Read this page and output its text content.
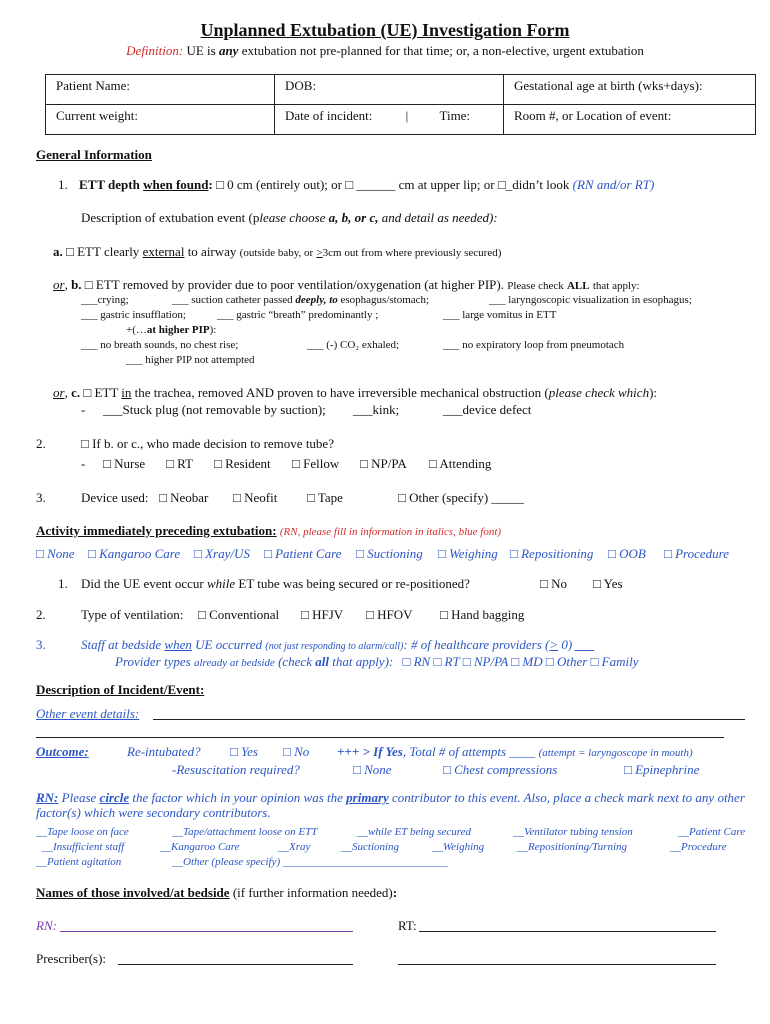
Unplanned Extubation (UE) Investigation Form
Definition: UE is any extubation not pre-planned for that time; or, a non-elective, urgent extubation
Patient Name:	DOB:	Gestational age at birth (wks+days):
Current weight:	Date of incident: | Time:	Room #, or Location of event:
General Information
1. ETT depth when found: □ 0 cm (entirely out); or □ ______ cm at upper lip; or □_didn’t look (RN and/or RT)
Description of extubation event (please choose a, b, or c, and detail as needed):
a. □ ETT clearly external to airway (outside baby, or >3cm out from where previously secured)
or, b. □ ETT removed by provider due to poor ventilation/oxygenation (at higher PIP). Please check ALL that apply:
___crying;	___ suction catheter passed deeply, to esophagus/stomach;	___ laryngoscopic visualization in esophagus;
___ gastric insufflation;	___ gastric “breath” predominantly ;	___ large vomitus in ETT
+(…at higher PIP):
___ no breath sounds, no chest rise;	___ (-) CO₂ exhaled;	___ no expiratory loop from pneumotach
___ higher PIP not attempted
or, c. □ ETT in the trachea, removed AND proven to have irreversible mechanical obstruction (please check which):
- ___Stuck plug (not removable by suction); ___kink;	___device defect
2.	□ If b. or c., who made decision to remove tube?
- □ Nurse □ RT □ Resident □ Fellow □ NP/PA □ Attending
3.	Device used: □ Neobar □ Neofit □ Tape	□ Other (specify) _____
Activity immediately preceding extubation: (RN, please fill in information in italics, blue font)
□ None □ Kangaroo Care □ Xray/US □ Patient Care □ Suctioning □ Weighing □ Repositioning □ OOB □ Procedure
1. Did the UE event occur while ET tube was being secured or re-positioned?	□ No □ Yes
2.	Type of ventilation: □ Conventional □ HFJV □ HFOV □ Hand bagging
3.	Staff at bedside when UE occurred (not just responding to alarm/call): # of healthcare providers (> 0) ___
Provider types already at bedside (check all that apply): □ RN □ RT □ NP/PA □ MD □ Other □ Family
Description of Incident/Event:
Other event details:
Outcome:	Re-intubated? □ Yes □ No +++ > If Yes, Total # of attempts ____ (attempt = laryngoscope in mouth)
-Resuscitation required?	□ None	□ Chest compressions	□ Epinephrine
RN: Please circle the factor which in your opinion was the primary contributor to this event. Also, place a check mark next to any other factor(s) which were secondary contributors.
__Tape loose on face	__Tape/attachment loose on ETT	__while ET being secured	__Ventilator tubing tension	__Patient Care
__Insufficient staff	__Kangaroo Care	__Xray	__Suctioning	__Weighing	__Repositioning/Turning	__Procedure
__Patient agitation	__Other (please specify) ______________________________
Names of those involved/at bedside (if further information needed):
RN:	RT:
Prescriber(s):
